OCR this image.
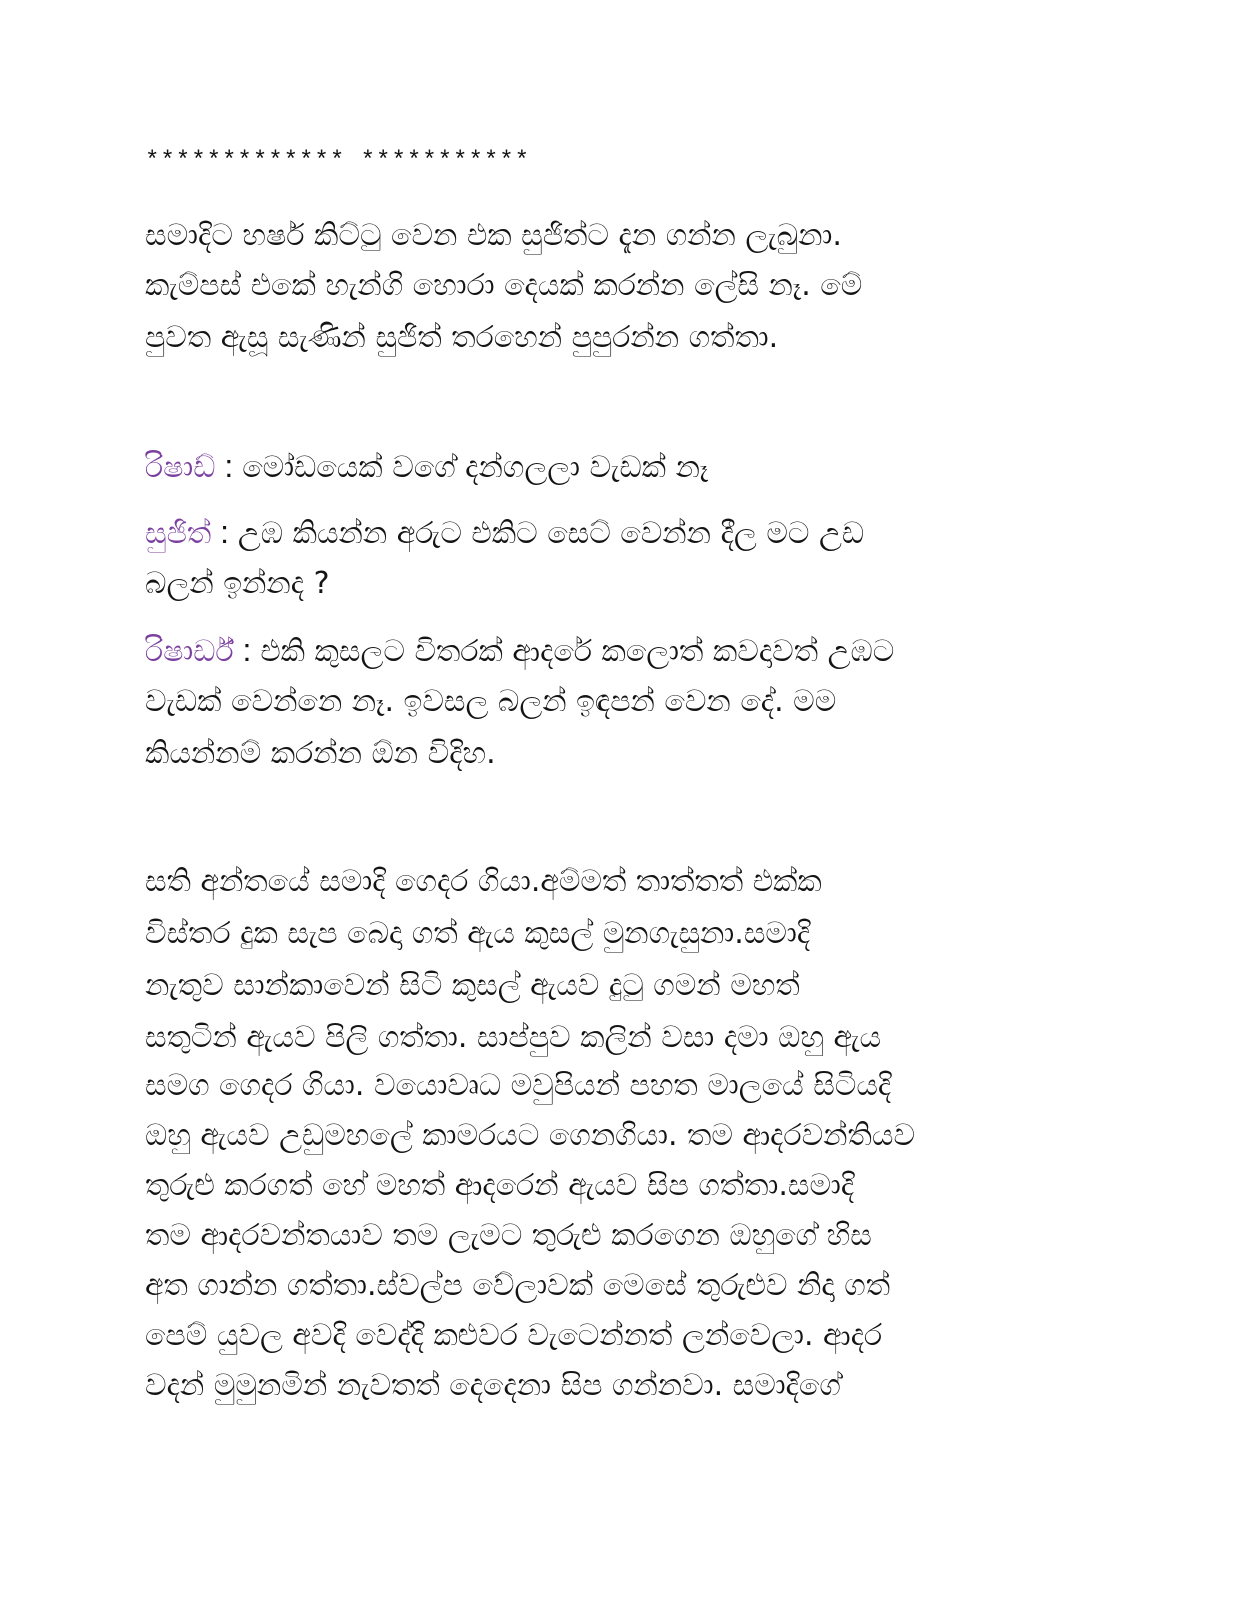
************* ***********
සමාදිට හර්ෂ කිට්ටු වෙන එක සුජිත්ට දැන ගන්න ලැබුනා.
කැම්පස් එකේ හැන්ගි හොරා දෙයක් කරන්න ලේසි නෑ. මේ
පුවත ඇසූ සැණින් සුජිත් තරහෙන් පුපුරන්න ගත්තා.
රිෂාඩ් : මෝඩයෙක් වගේ දන්ගලලා වැඩක් නෑ
සුජිත් : උඹ කියන්න අරුට එකිට සෙට් වෙන්න දීල මට උඩ
බලන් ඉන්නද ?
රිෂාර්ඩ් : එකි කුසලට විතරක් ආදරේ කලොත් කවදාවත් උඹට
වැඩක් වෙන්නෙ නෑ. ඉවසල බලන් ඉඳපන් වෙන දේ. මම
කියන්නම් කරන්න ඕන විදිහ.
සති අන්තයේ සමාදි ගෙදර ගියා.අම්මත් තාත්තත් එක්ක
විස්තර දුක සැප බෙදා ගත් ඇය කුසල් මුනගැසුනා.සමාදි
නැතුව සාන්කාවෙන් සිටි කුසල් ඇයව දුටු ගමන් මහත්
සතුටින් ඇයව පිලි ගත්තා. සාප්පුව කලින් වසා දමා ඔහු ඇය
සමග ගෙදර ගියා. වයොවෘධ මවුපියන් පහත මාලයේ සිටියදි
ඔහු ඇයව උඩුමහලේ කාමරයට ගෙනගියා. තම ආදරවන්තියව
තුරුළු කරගත් හේ මහත් ආදරෙන් ඇයව සිප ගත්තා.සමාදි
තම ආදරවන්තයාව තම ලැමට තුරුළු කරගෙන ඔහුගේ හිස
අත ගාන්න ගත්තා.ස්වල්ප වේලාවක් මෙසේ තුරුළුව නිදා ගත්
පෙම් යුවල අවදි වෙද්දි කළුවර වැටෙන්නත් ලන්වෙලා. ආදර
වදන් මුමුනමින් නැවතත් දෙදෙනා සිප ගන්නවා. සමාදිගේ
